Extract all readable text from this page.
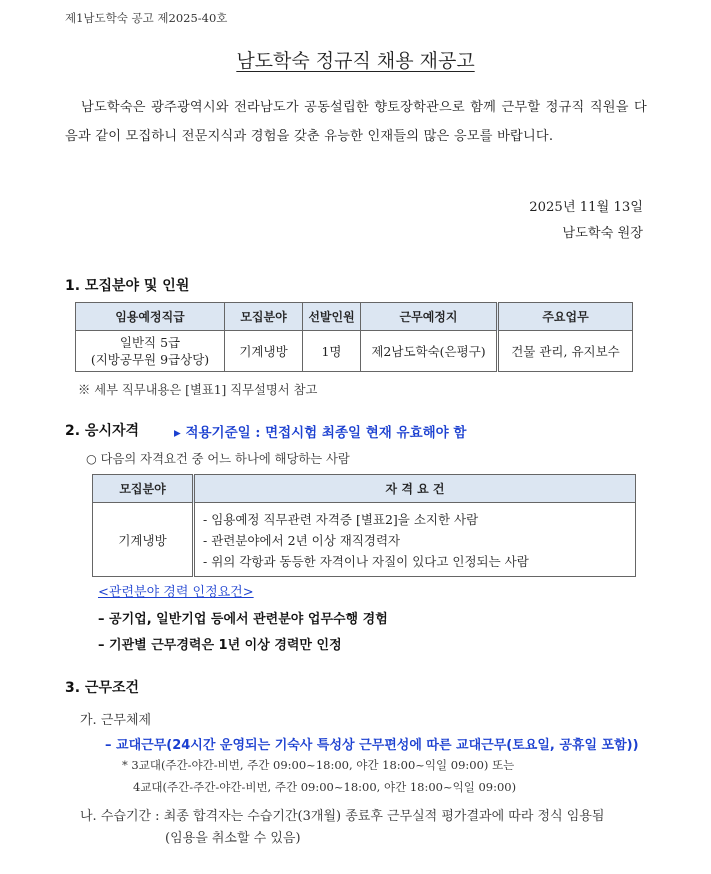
제1남도학숙 공고 제2025-40호
남도학숙 정규직 채용 재공고
남도학숙은 광주광역시와 전라남도가 공동설립한 향토장학관으로 함께 근무할 정규직 직원을 다음과 같이 모집하니 전문지식과 경험을 갖춘 유능한 인재들의 많은 응모를 바랍니다.
2025년 11월 13일
남도학숙 원장
1. 모집분야 및 인원
임용예정직급	모집분야	선발인원	근무예정지	주요업무

일반직 5급
(지방공무원 9급상당)	기계냉방	1명	제2남도학숙(은평구)	건물 관리, 유지보수
※ 세부 직무내용은 [별표1] 직무설명서 참고
2. 응시자격	▸ 적용기준일 : 면접시험 최종일 현재 유효해야 함
○ 다음의 자격요건 중 어느 하나에 해당하는 사람
모집분야	자 격 요 건
기계냉방	- 임용예정 직무관련 자격증 [별표2]을 소지한 사람
- 관련분야에서 2년 이상 재직경력자
- 위의 각항과 동등한 자격이나 자질이 있다고 인정되는 사람
<관련분야 경력 인정요건>
– 공기업, 일반기업 등에서 관련분야 업무수행 경험
– 기관별 근무경력은 1년 이상 경력만 인정
3. 근무조건
가. 근무체제
– 교대근무(24시간 운영되는 기숙사 특성상 근무편성에 따른 교대근무(토요일, 공휴일 포함))
* 3교대(주간-야간-비번, 주간 09:00~18:00, 야간 18:00~익일 09:00) 또는
4교대(주간-주간-야간-비번, 주간 09:00~18:00, 야간 18:00~익일 09:00)
나. 수습기간 : 최종 합격자는 수습기간(3개월) 종료후 근무실적 평가결과에 따라 정식 임용됨
(임용을 취소할 수 있음)
